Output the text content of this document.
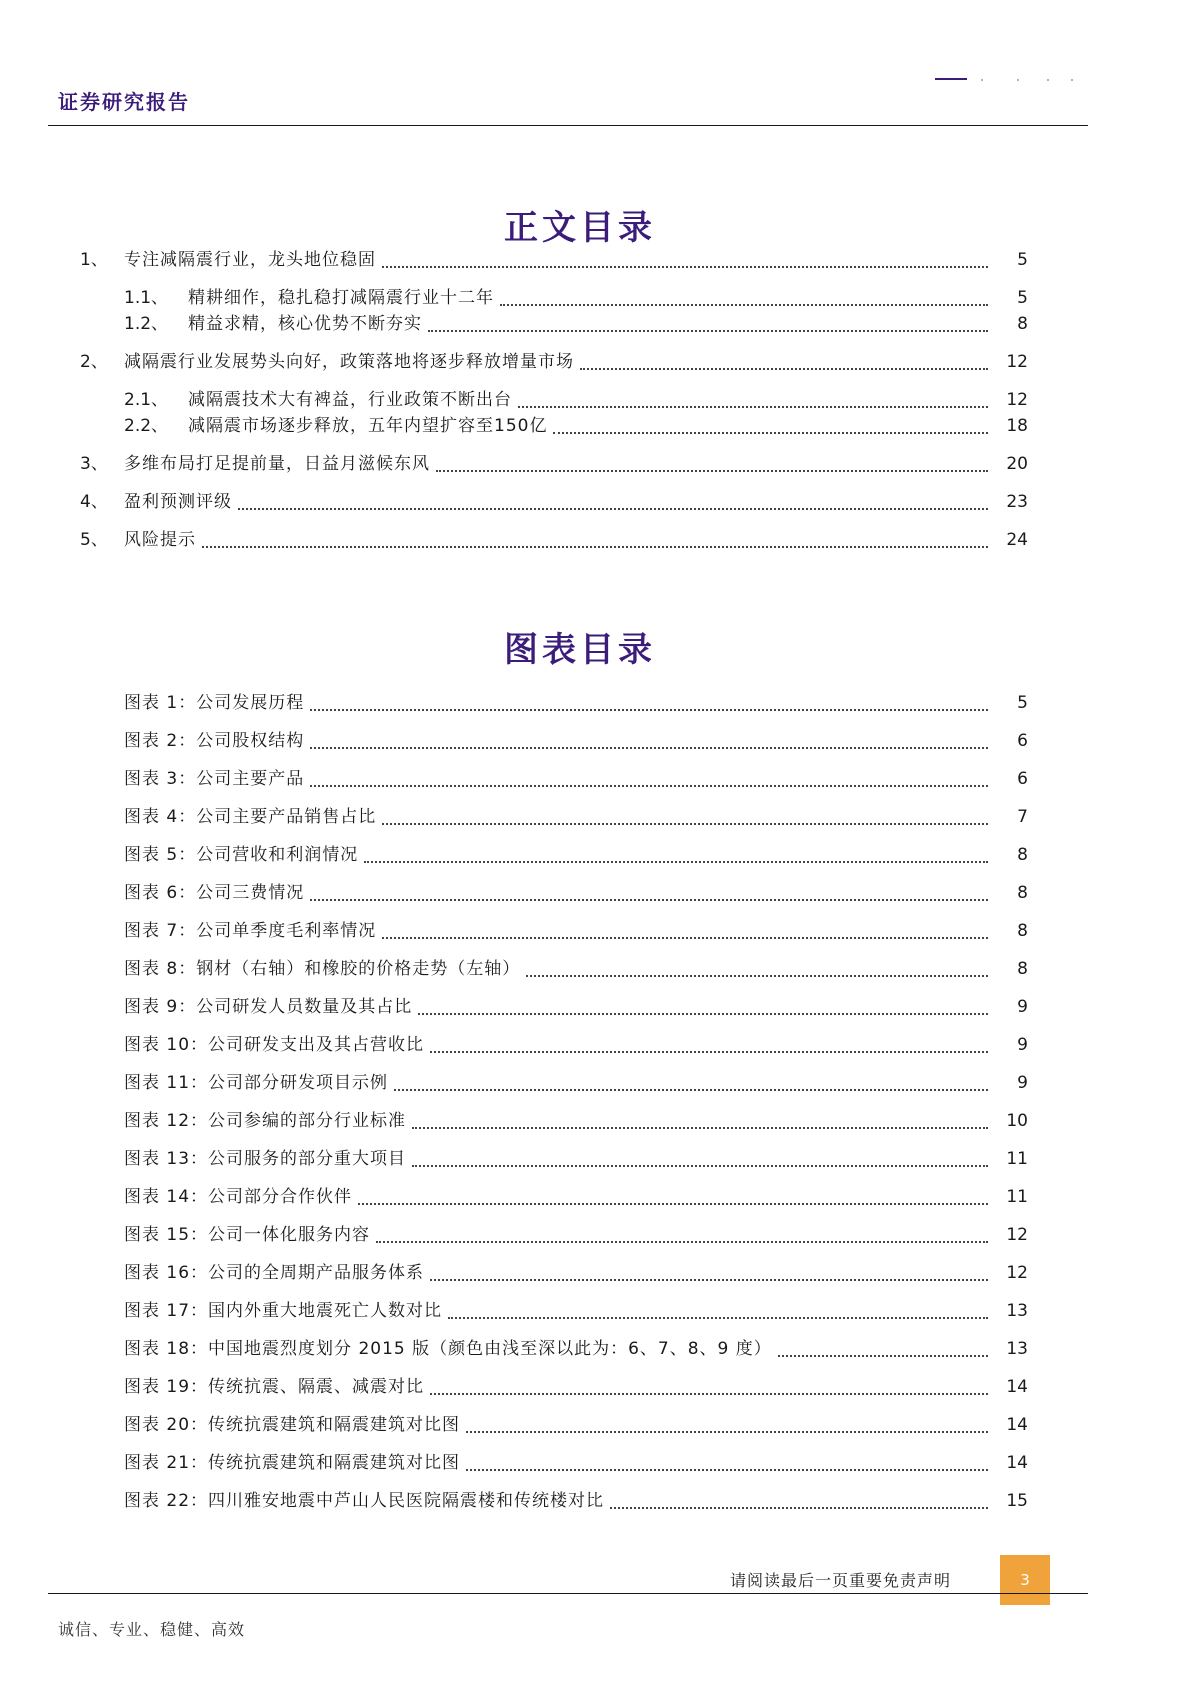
证券研究报告
正文目录
1、 专注减隔震行业，龙头地位稳固	5
1.1、	精耕细作，稳扎稳打减隔震行业十二年	5
1.2、	精益求精，核心优势不断夯实	8
2、 减隔震行业发展势头向好，政策落地将逐步释放增量市场	12
2.1、	减隔震技术大有裨益，行业政策不断出台	12
2.2、	减隔震市场逐步释放，五年内望扩容至150亿	18
3、 多维布局打足提前量，日益月滋候东风	20
4、 盈利预测评级	23
5、 风险提示	24
图表目录
图表 1：公司发展历程	5
图表 2：公司股权结构	6
图表 3：公司主要产品	6
图表 4：公司主要产品销售占比	7
图表 5：公司营收和利润情况	8
图表 6：公司三费情况	8
图表 7：公司单季度毛利率情况	8
图表 8：钢材（右轴）和橡胶的价格走势（左轴）	8
图表 9：公司研发人员数量及其占比	9
图表 10：公司研发支出及其占营收比	9
图表 11：公司部分研发项目示例	9
图表 12：公司参编的部分行业标准	10
图表 13：公司服务的部分重大项目	11
图表 14：公司部分合作伙伴	11
图表 15：公司一体化服务内容	12
图表 16：公司的全周期产品服务体系	12
图表 17：国内外重大地震死亡人数对比	13
图表 18：中国地震烈度划分 2015 版（颜色由浅至深以此为：6、7、8、9 度）	13
图表 19：传统抗震、隔震、减震对比	14
图表 20：传统抗震建筑和隔震建筑对比图	14
图表 21：传统抗震建筑和隔震建筑对比图	14
图表 22：四川雅安地震中芦山人民医院隔震楼和传统楼对比	15
请阅读最后一页重要免责声明	3
诚信、专业、稳健、高效
